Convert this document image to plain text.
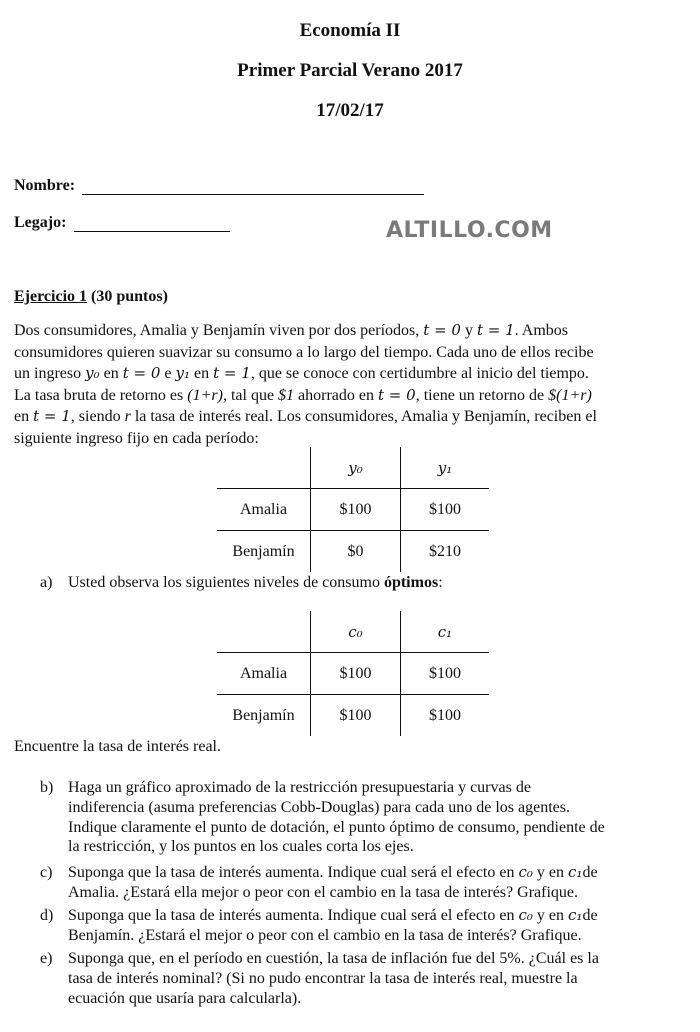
Economía II
Primer Parcial Verano 2017
17/02/17
Nombre:
Legajo:	ALTILLO.COM
Ejercicio 1 (30 puntos)

Dos consumidores, Amalia y Benjamín viven por dos períodos, t = 0 y t = 1. Ambos

consumidores quieren suavizar su consumo a lo largo del tiempo. Cada uno de ellos recibe

un ingreso y₀ en t = 0 e y₁ en t = 1, que se conoce con certidumbre al inicio del tiempo.

La tasa bruta de retorno es (1+r), tal que $1 ahorrado en t = 0, tiene un retorno de $(1+r)

en t = 1, siendo r la tasa de interés real. Los consumidores, Amalia y Benjamín, reciben el

siguiente ingreso fijo en cada período:

	y₀	y₁
Amalia	$100	$100
Benjamín	$0	$210
a) Usted observa los siguientes niveles de consumo óptimos:
	c₀	c₁
Amalia	$100	$100
Benjamín	$100	$100
Encuentre la tasa de interés real.
b) Haga un gráfico aproximado de la restricción presupuestaria y curvas de

indiferencia (asuma preferencias Cobb-Douglas) para cada uno de los agentes.

Indique claramente el punto de dotación, el punto óptimo de consumo, pendiente de

la restricción, y los puntos en los cuales corta los ejes.

c) Suponga que la tasa de interés aumenta. Indique cual será el efecto en c₀ y en c₁de

Amalia. ¿Estará ella mejor o peor con el cambio en la tasa de interés? Grafique.

d) Suponga que la tasa de interés aumenta. Indique cual será el efecto en c₀ y en c₁de

Benjamín. ¿Estará el mejor o peor con el cambio en la tasa de interés? Grafique.

e) Suponga que, en el período en cuestión, la tasa de inflación fue del 5%. ¿Cuál es la

tasa de interés nominal? (Si no pudo encontrar la tasa de interés real, muestre la

ecuación que usaría para calcularla).
